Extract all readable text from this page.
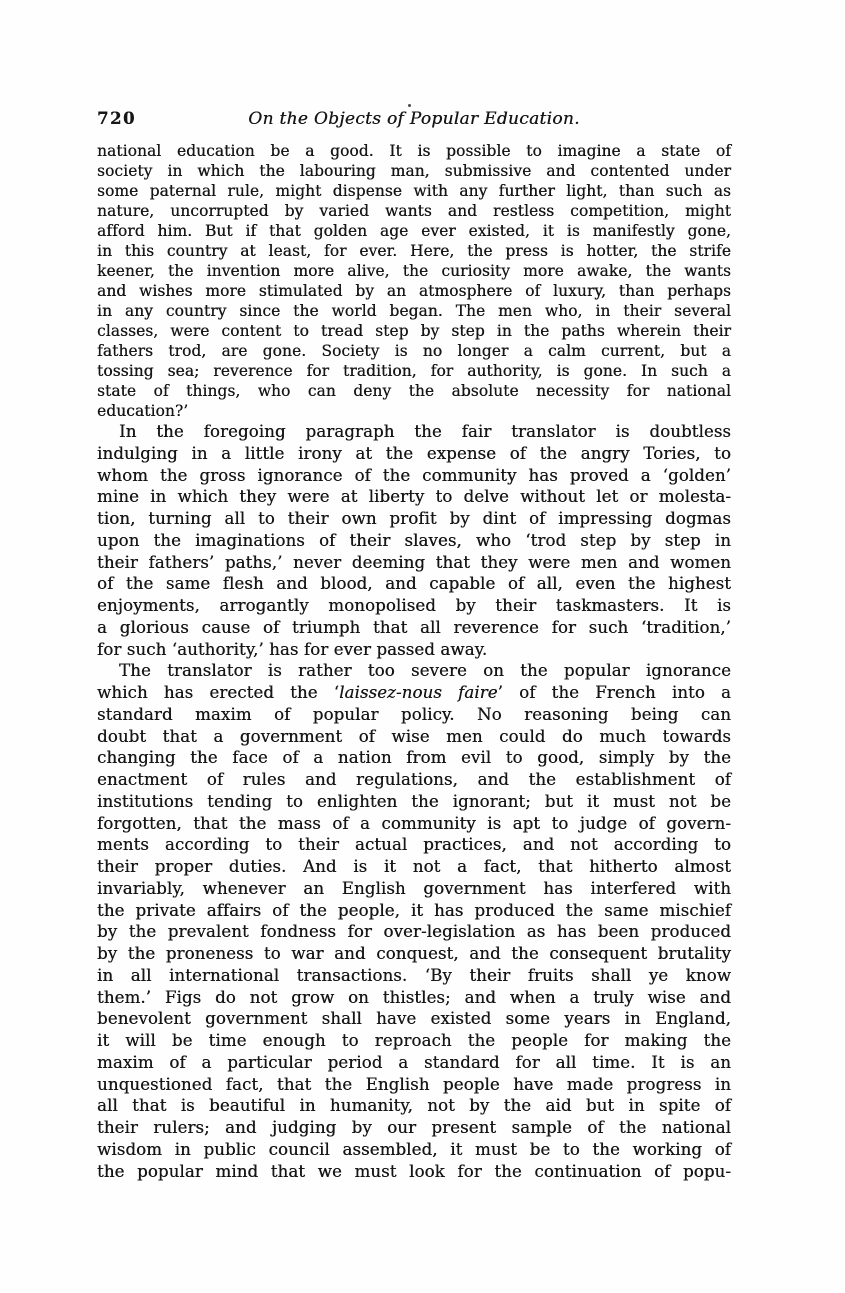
720	On the Objects of Popular Education.
national education be a good. It is possible to imagine a state of
society in which the labouring man, submissive and contented under
some paternal rule, might dispense with any further light, than such as
nature, uncorrupted by varied wants and restless competition, might
afford him. But if that golden age ever existed, it is manifestly gone,
in this country at least, for ever. Here, the press is hotter, the strife
keener, the invention more alive, the curiosity more awake, the wants
and wishes more stimulated by an atmosphere of luxury, than perhaps
in any country since the world began. The men who, in their several
classes, were content to tread step by step in the paths wherein their
fathers trod, are gone. Society is no longer a calm current, but a
tossing sea; reverence for tradition, for authority, is gone. In such a
state of things, who can deny the absolute necessity for national
education?’
In the foregoing paragraph the fair translator is doubtless
indulging in a little irony at the expense of the angry Tories, to
whom the gross ignorance of the community has proved a ‘golden’
mine in which they were at liberty to delve without let or molesta-
tion, turning all to their own profit by dint of impressing dogmas
upon the imaginations of their slaves, who ‘trod step by step in
their fathers’ paths,’ never deeming that they were men and women
of the same flesh and blood, and capable of all, even the highest
enjoyments, arrogantly monopolised by their taskmasters. It is
a glorious cause of triumph that all reverence for such ‘tradition,’
for such ‘authority,’ has for ever passed away.
The translator is rather too severe on the popular ignorance
which has erected the ‘laissez-nous faire’ of the French into a
standard maxim of popular policy. No reasoning being can
doubt that a government of wise men could do much towards
changing the face of a nation from evil to good, simply by the
enactment of rules and regulations, and the establishment of
institutions tending to enlighten the ignorant; but it must not be
forgotten, that the mass of a community is apt to judge of govern-
ments according to their actual practices, and not according to
their proper duties. And is it not a fact, that hitherto almost
invariably, whenever an English government has interfered with
the private affairs of the people, it has produced the same mischief
by the prevalent fondness for over-legislation as has been produced
by the proneness to war and conquest, and the consequent brutality
in all international transactions. ‘By their fruits shall ye know
them.’ Figs do not grow on thistles; and when a truly wise and
benevolent government shall have existed some years in England,
it will be time enough to reproach the people for making the
maxim of a particular period a standard for all time. It is an
unquestioned fact, that the English people have made progress in
all that is beautiful in humanity, not by the aid but in spite of
their rulers; and judging by our present sample of the national
wisdom in public council assembled, it must be to the working of
the popular mind that we must look for the continuation of popu-
